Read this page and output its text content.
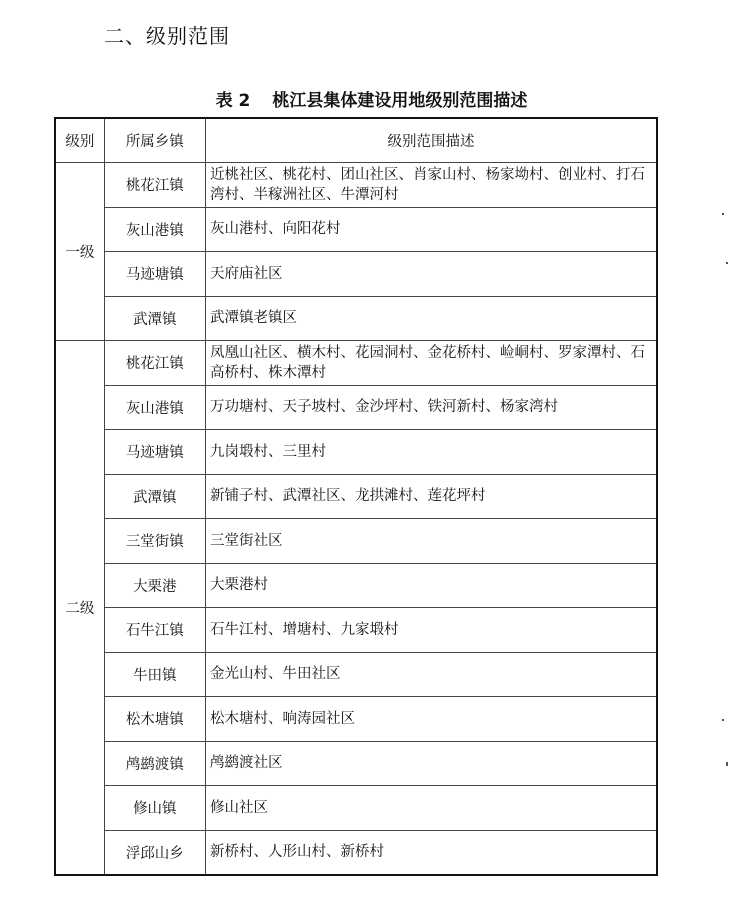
二、级别范围
表 2 桃江县集体建设用地级别范围描述
级别	所属乡镇	级别范围描述
一级	桃花江镇	近桃社区、桃花村、团山社区、肖家山村、杨家坳村、创业村、打石湾村、半稼洲社区、牛潭河村
	灰山港镇	灰山港村、向阳花村
	马迹塘镇	天府庙社区
	武潭镇	武潭镇老镇区
二级	桃花江镇	凤凰山社区、横木村、花园洞村、金花桥村、崄峒村、罗家潭村、石高桥村、株木潭村
	灰山港镇	万功塘村、天子坡村、金沙坪村、铁河新村、杨家湾村
	马迹塘镇	九岗塅村、三里村
	武潭镇	新铺子村、武潭社区、龙拱滩村、莲花坪村
	三堂街镇	三堂街社区
	大栗港	大栗港村
	石牛江镇	石牛江村、增塘村、九家塅村
	牛田镇	金光山村、牛田社区
	松木塘镇	松木塘村、响涛园社区
	鸬鹚渡镇	鸬鹚渡社区
	修山镇	修山社区
	浮邱山乡	新桥村、人形山村、新桥村
